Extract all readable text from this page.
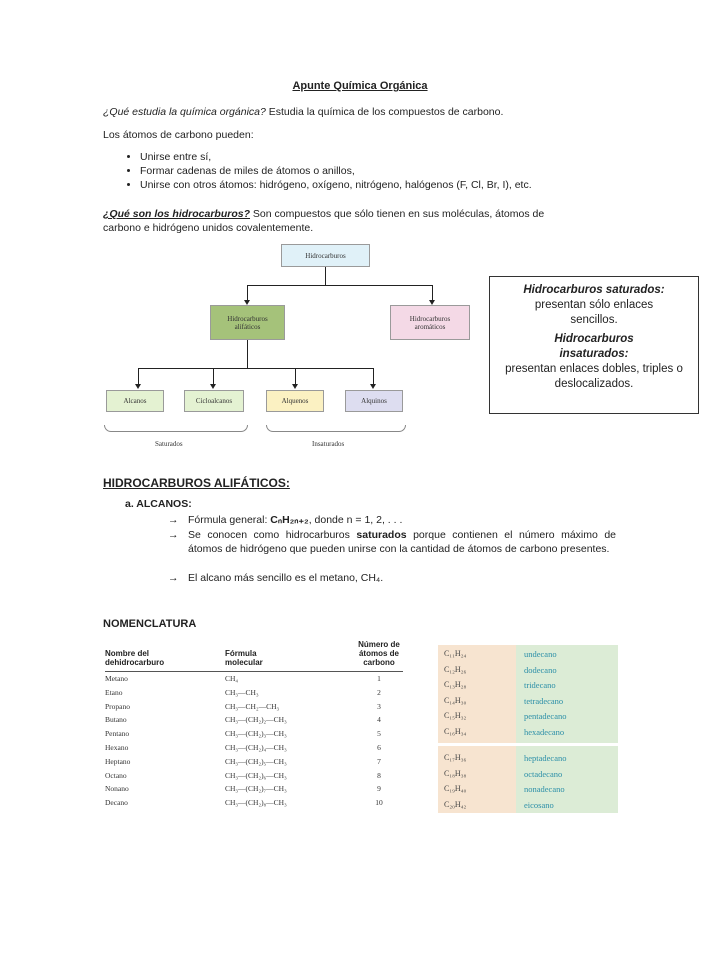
Apunte Química Orgánica
¿Qué estudia la química orgánica? Estudia la química de los compuestos de carbono.
Los átomos de carbono pueden:
• Unirse entre sí,
• Formar cadenas de miles de átomos o anillos,
• Unirse con otros átomos: hidrógeno, oxígeno, nitrógeno, halógenos (F, Cl, Br, I), etc.
¿Qué son los hidrocarburos? Son compuestos que sólo tienen en sus moléculas, átomos de
carbono e hidrógeno unidos covalentemente.
Hidrocarburos
Hidrocarburos alifáticos
Hidrocarburos aromáticos
Alcanos	Cicloalcanos	Alquenos	Alquinos
Saturados	Insaturados
Hidrocarburos saturados:
presentan sólo enlaces sencillos.
Hidrocarburos insaturados:
presentan enlaces dobles, triples o deslocalizados.
HIDROCARBUROS ALIFÁTICOS:
a. ALCANOS:
→ Fórmula general: CₙH₂ₙ₊₂, donde n = 1, 2, . . .
→ Se conocen como hidrocarburos saturados porque contienen el número máximo de átomos de hidrógeno que pueden unirse con la cantidad de átomos de carbono presentes.
→ El alcano más sencillo es el metano, CH₄.
NOMENCLATURA
Nombre del dehidrocarburo	Fórmula molecular	Número de átomos de carbono
Metano	CH₄	1
Etano	CH₃—CH₃	2
Propano	CH₃—CH₂—CH₃	3
Butano	CH₃—(CH₂)₂—CH₃	4
Pentano	CH₃—(CH₂)₃—CH₃	5
Hexano	CH₃—(CH₂)₄—CH₃	6
Heptano	CH₃—(CH₂)₅—CH₃	7
Octano	CH₃—(CH₂)₆—CH₃	8
Nonano	CH₃—(CH₂)₇—CH₃	9
Decano	CH₃—(CH₂)₈—CH₃	10
C₁₁H₂₄	undecano
C₁₂H₂₆	dodecano
C₁₃H₂₈	tridecano
C₁₄H₃₀	tetradecano
C₁₅H₃₂	pentadecano
C₁₆H₃₄	hexadecano
C₁₇H₃₆	heptadecano
C₁₈H₃₈	octadecano
C₁₉H₄₀	nonadecano
C₂₀H₄₂	eicosano
